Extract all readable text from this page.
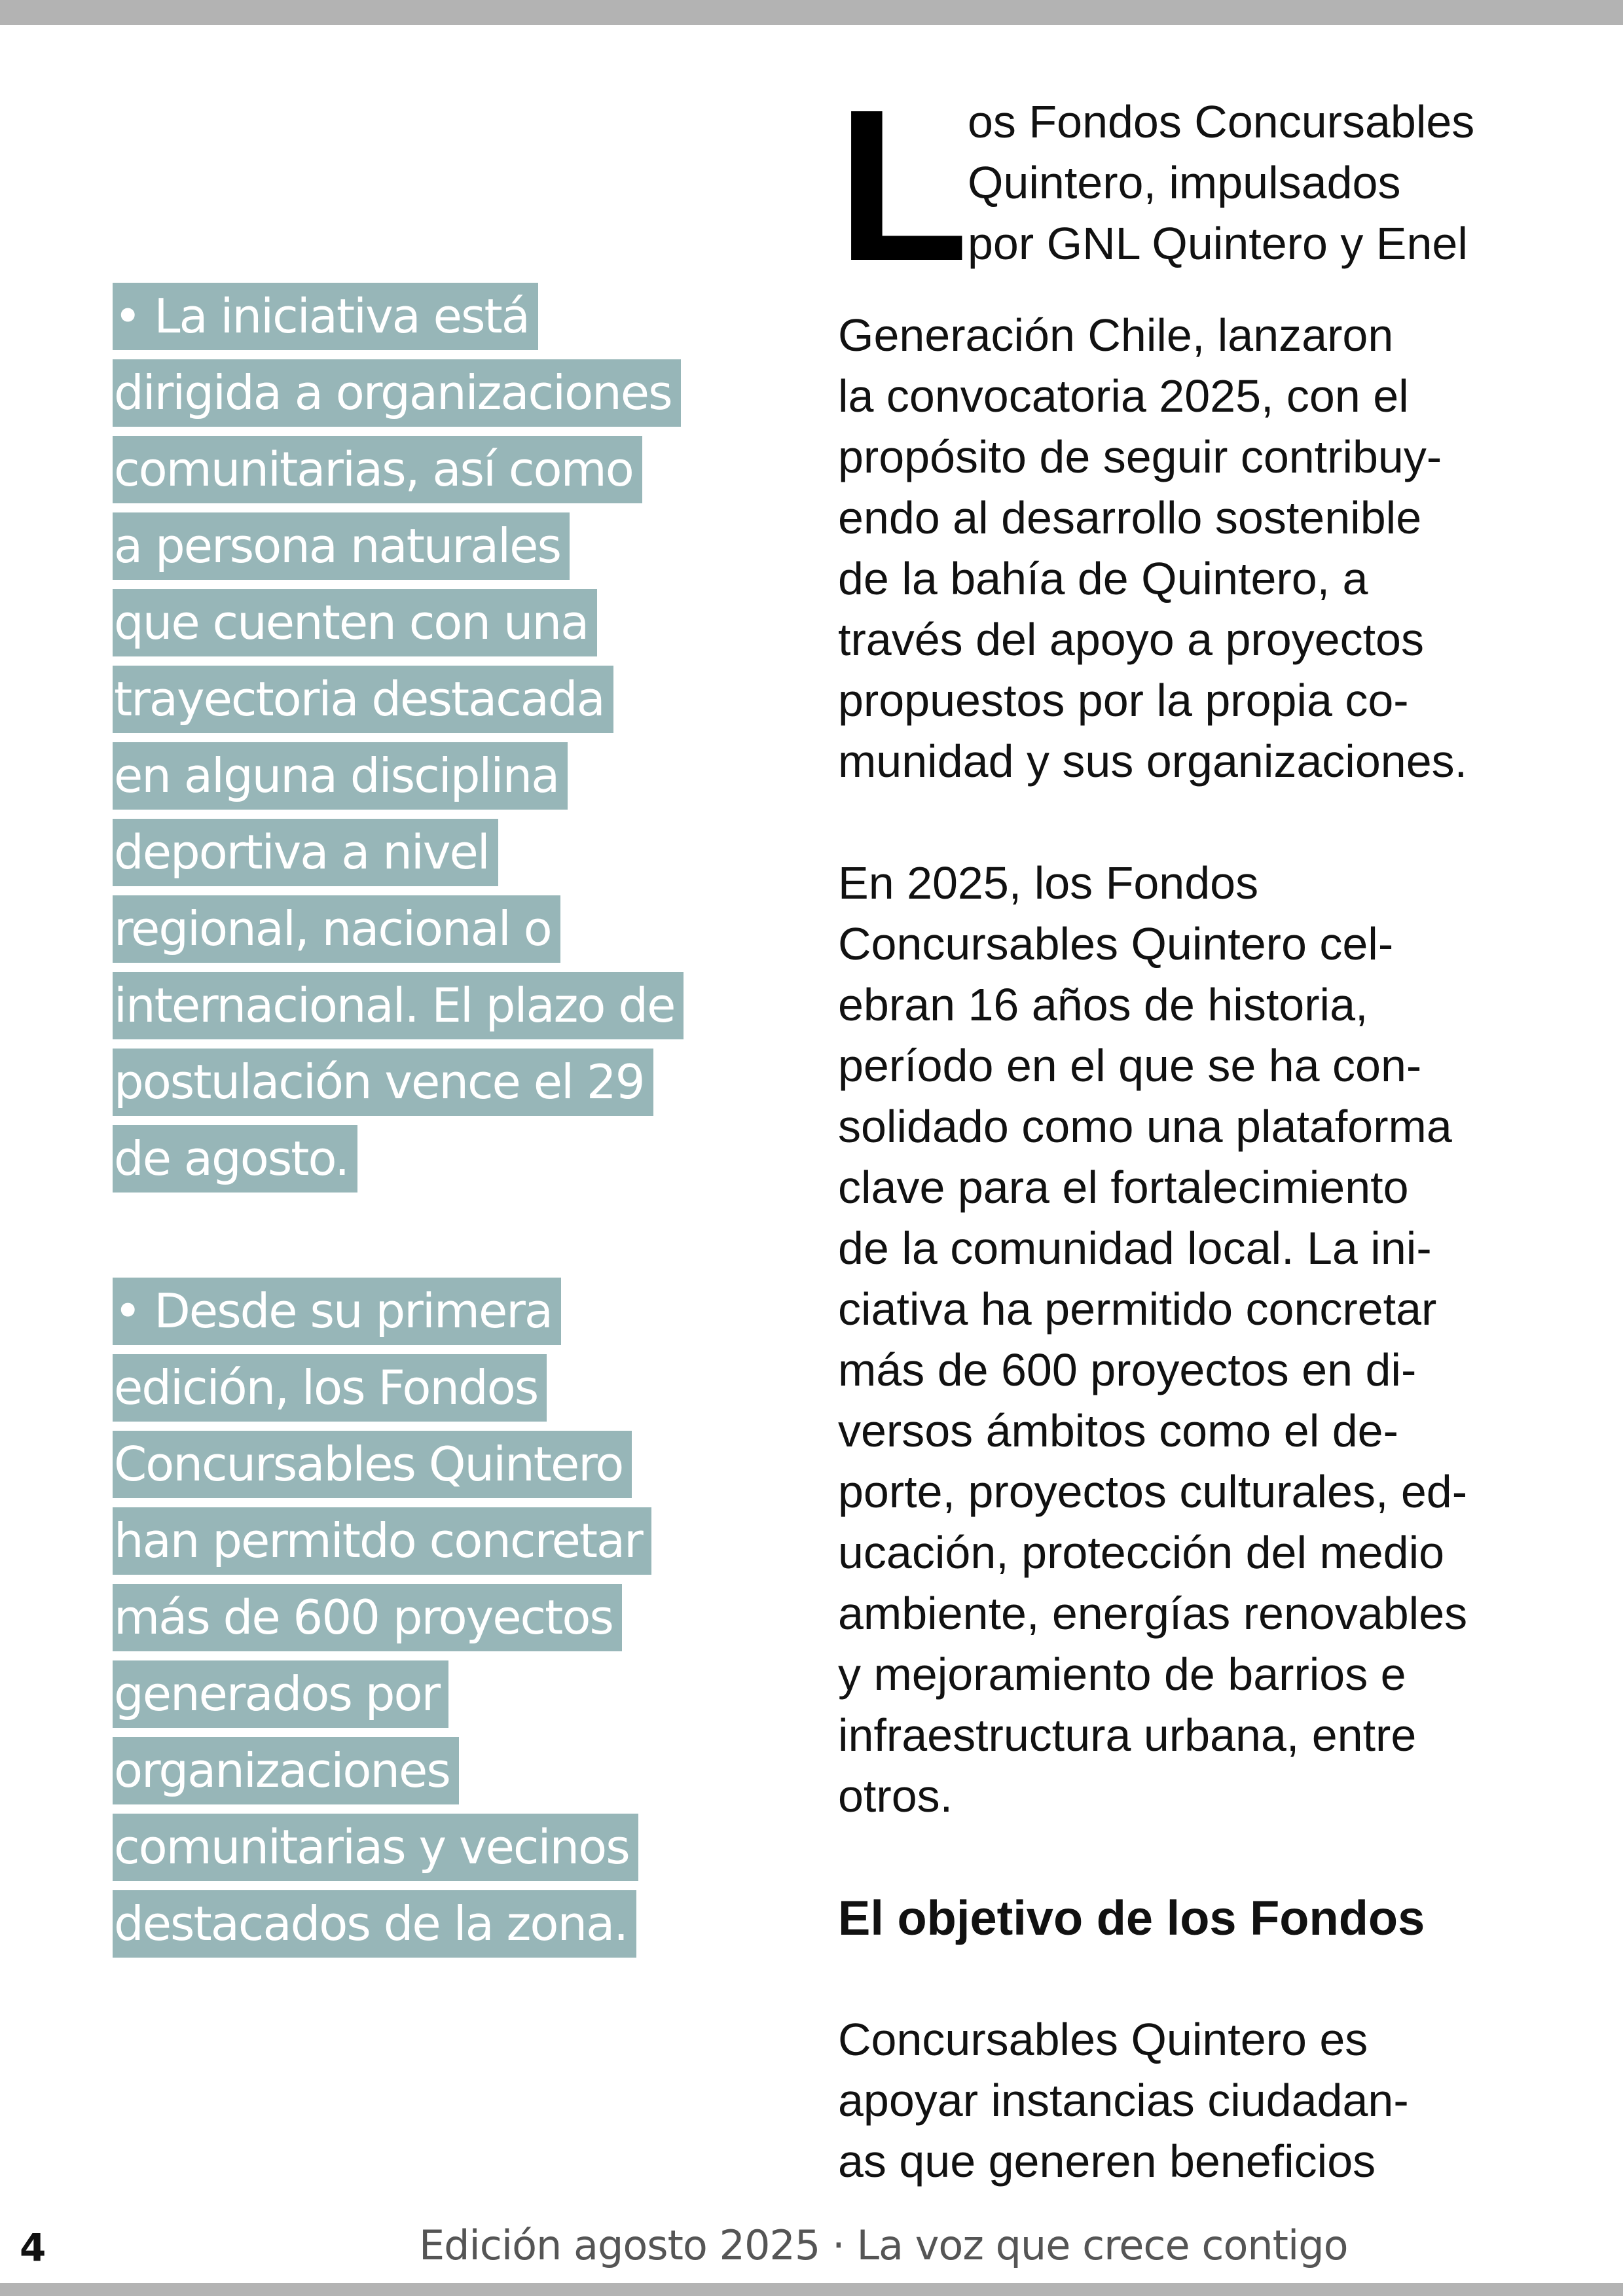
• La iniciativa está
dirigida a organizaciones
comunitarias, así como
a persona naturales
que cuenten con una
trayectoria destacada
en alguna disciplina
deportiva a nivel
regional, nacional o
internacional. El plazo de
postulación vence el 29
de agosto.
• Desde su primera
edición, los Fondos
Concursables Quintero
han permitdo concretar
más de 600 proyectos
generados por
organizaciones
comunitarias y vecinos
destacados de la zona.
L
os Fondos Concursables
Quintero, impulsados
por GNL Quintero y Enel
Generación Chile, lanzaron
la convocatoria 2025, con el
propósito de seguir contribuy-
endo al desarrollo sostenible
de la bahía de Quintero, a
través del apoyo a proyectos
propuestos por la propia co-
munidad y sus organizaciones.
En 2025, los Fondos
Concursables Quintero cel-
ebran 16 años de historia,
período en el que se ha con-
solidado como una plataforma
clave para el fortalecimiento
de la comunidad local. La ini-
ciativa ha permitido concretar
más de 600 proyectos en di-
versos ámbitos como el de-
porte, proyectos culturales, ed-
ucación, protección del medio
ambiente, energías renovables
y mejoramiento de barrios e
infraestructura urbana, entre
otros.
El objetivo de los Fondos
Concursables Quintero es
apoyar instancias ciudadan-
as que generen beneficios
4	Edición agosto 2025 · La voz que crece contigo
